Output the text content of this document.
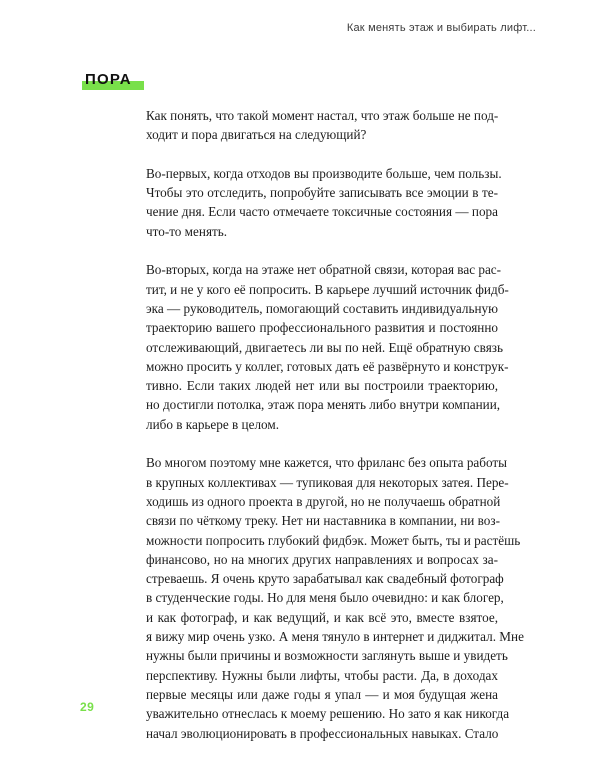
Как менять этаж и выбирать лифт...
ПОРА

Как понять, что такой момент настал, что этаж больше не под-
ходит и пора двигаться на следующий?

Во-первых, когда отходов вы производите больше, чем пользы.
Чтобы это отследить, попробуйте записывать все эмоции в те-
чение дня. Если часто отмечаете токсичные состояния — пора
что-то менять.

Во-вторых, когда на этаже нет обратной связи, которая вас рас-
тит, и не у кого её попросить. В карьере лучший источник фидб-
эка — руководитель, помогающий составить индивидуальную
траекторию вашего профессионального развития и постоянно
отслеживающий, двигаетесь ли вы по ней. Ещё обратную связь
можно просить у коллег, готовых дать её развёрнуто и конструк-
тивно. Если таких людей нет или вы построили траекторию,
но достигли потолка, этаж пора менять либо внутри компании,
либо в карьере в целом.

Во многом поэтому мне кажется, что фриланс без опыта работы
в крупных коллективах — тупиковая для некоторых затея. Пере-
ходишь из одного проекта в другой, но не получаешь обратной
связи по чёткому треку. Нет ни наставника в компании, ни воз-
можности попросить глубокий фидбэк. Может быть, ты и растёшь
финансово, но на многих других направлениях и вопросах за-
стреваешь. Я очень круто зарабатывал как свадебный фотограф
в студенческие годы. Но для меня было очевидно: и как блогер,
и как фотограф, и как ведущий, и как всё это, вместе взятое,
я вижу мир очень узко. А меня тянуло в интернет и диджитал. Мне
нужны были причины и возможности заглянуть выше и увидеть
перспективу. Нужны были лифты, чтобы расти. Да, в доходах
первые месяцы или даже годы я упал — и моя будущая жена
уважительно отнеслась к моему решению. Но зато я как никогда
начал эволюционировать в профессиональных навыках. Стало

29
